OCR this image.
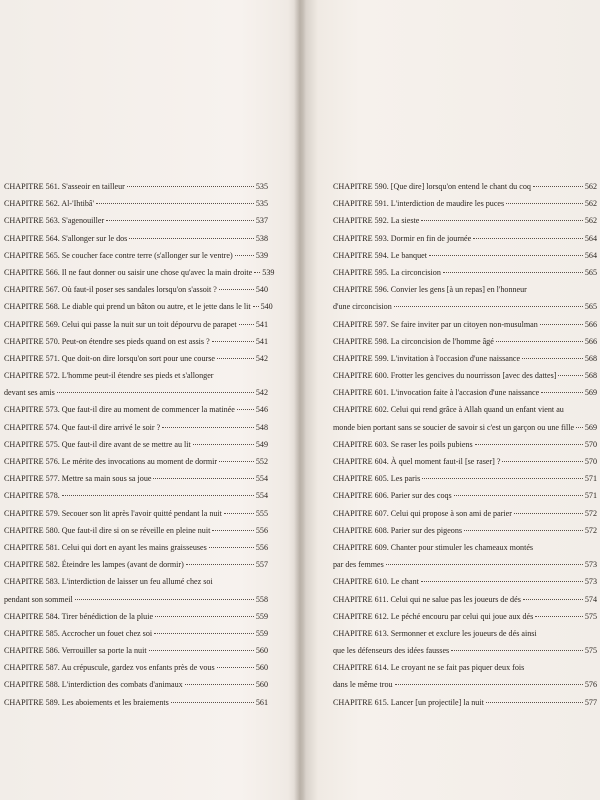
CHAPITRE 561. S'asseoir en tailleur	535
CHAPITRE 562. Al-'Ihtibâ'	535
CHAPITRE 563. S'agenouiller	537
CHAPITRE 564. S'allonger sur le dos	538
CHAPITRE 565. Se coucher face contre terre (s'allonger sur le ventre)	539
CHAPITRE 566. Il ne faut donner ou saisir une chose qu'avec la main droite 539
CHAPITRE 567. Où faut-il poser ses sandales lorsqu'on s'assoit ?	540
CHAPITRE 568. Le diable qui prend un bâton ou autre, et le jette dans le lit 540
CHAPITRE 569. Celui qui passe la nuit sur un toit dépourvu de parapet 541
CHAPITRE 570. Peut-on étendre ses pieds quand on est assis ?	541
CHAPITRE 571. Que doit-on dire lorsqu'on sort pour une course	542
CHAPITRE 572. L'homme peut-il étendre ses pieds et s'allonger
devant ses amis	542
CHAPITRE 573. Que faut-il dire au moment de commencer la matinée	546
CHAPITRE 574. Que faut-il dire arrivé le soir ?	548
CHAPITRE 575. Que faut-il dire avant de se mettre au lit	549
CHAPITRE 576. Le mérite des invocations au moment de dormir	552
CHAPITRE 577. Mettre sa main sous sa joue	554
CHAPITRE 578.	554
CHAPITRE 579. Secouer son lit après l'avoir quitté pendant la nuit	555
CHAPITRE 580. Que faut-il dire si on se réveille en pleine nuit	556
CHAPITRE 581. Celui qui dort en ayant les mains graisseuses	556
CHAPITRE 582. Éteindre les lampes (avant de dormir)	557
CHAPITRE 583. L'interdiction de laisser un feu allumé chez soi
pendant son sommeil	558
CHAPITRE 584. Tirer bénédiction de la pluie	559
CHAPITRE 585. Accrocher un fouet chez soi	559
CHAPITRE 586. Verrouiller sa porte la nuit	560
CHAPITRE 587. Au crépuscule, gardez vos enfants près de vous	560
CHAPITRE 588. L'interdiction des combats d'animaux	560
CHAPITRE 589. Les aboiements et les braiements	561
CHAPITRE 590. [Que dire] lorsqu'on entend le chant du coq	562
CHAPITRE 591. L'interdiction de maudire les puces	562
CHAPITRE 592. La sieste	562
CHAPITRE 593. Dormir en fin de journée	564
CHAPITRE 594. Le banquet	564
CHAPITRE 595. La circoncision	565
CHAPITRE 596. Convier les gens [à un repas] en l'honneur
d'une circoncision	565
CHAPITRE 597. Se faire inviter par un citoyen non-musulman	566
CHAPITRE 598. La circoncision de l'homme âgé	566
CHAPITRE 599. L'invitation à l'occasion d'une naissance	568
CHAPITRE 600. Frotter les gencives du nourrisson [avec des dattes]	568
CHAPITRE 601. L'invocation faite à l'accasion d'une naissance	569
CHAPITRE 602. Celui qui rend grâce à Allah quand un enfant vient au
monde bien portant sans se soucier de savoir si c'est un garçon ou une fille 569
CHAPITRE 603. Se raser les poils pubiens	570
CHAPITRE 604. À quel moment faut-il [se raser] ?	570
CHAPITRE 605. Les paris	571
CHAPITRE 606. Parier sur des coqs	571
CHAPITRE 607. Celui qui propose à son ami de parier	572
CHAPITRE 608. Parier sur des pigeons	572
CHAPITRE 609. Chanter pour stimuler les chameaux montés
par des femmes	573
CHAPITRE 610. Le chant	573
CHAPITRE 611. Celui qui ne salue pas les joueurs de dés	574
CHAPITRE 612. Le péché encouru par celui qui joue aux dés	575
CHAPITRE 613. Sermonner et exclure les joueurs de dés ainsi
que les défenseurs des idées fausses	575
CHAPITRE 614. Le croyant ne se fait pas piquer deux fois
dans le même trou	576
CHAPITRE 615. Lancer [un projectile] la nuit	577
